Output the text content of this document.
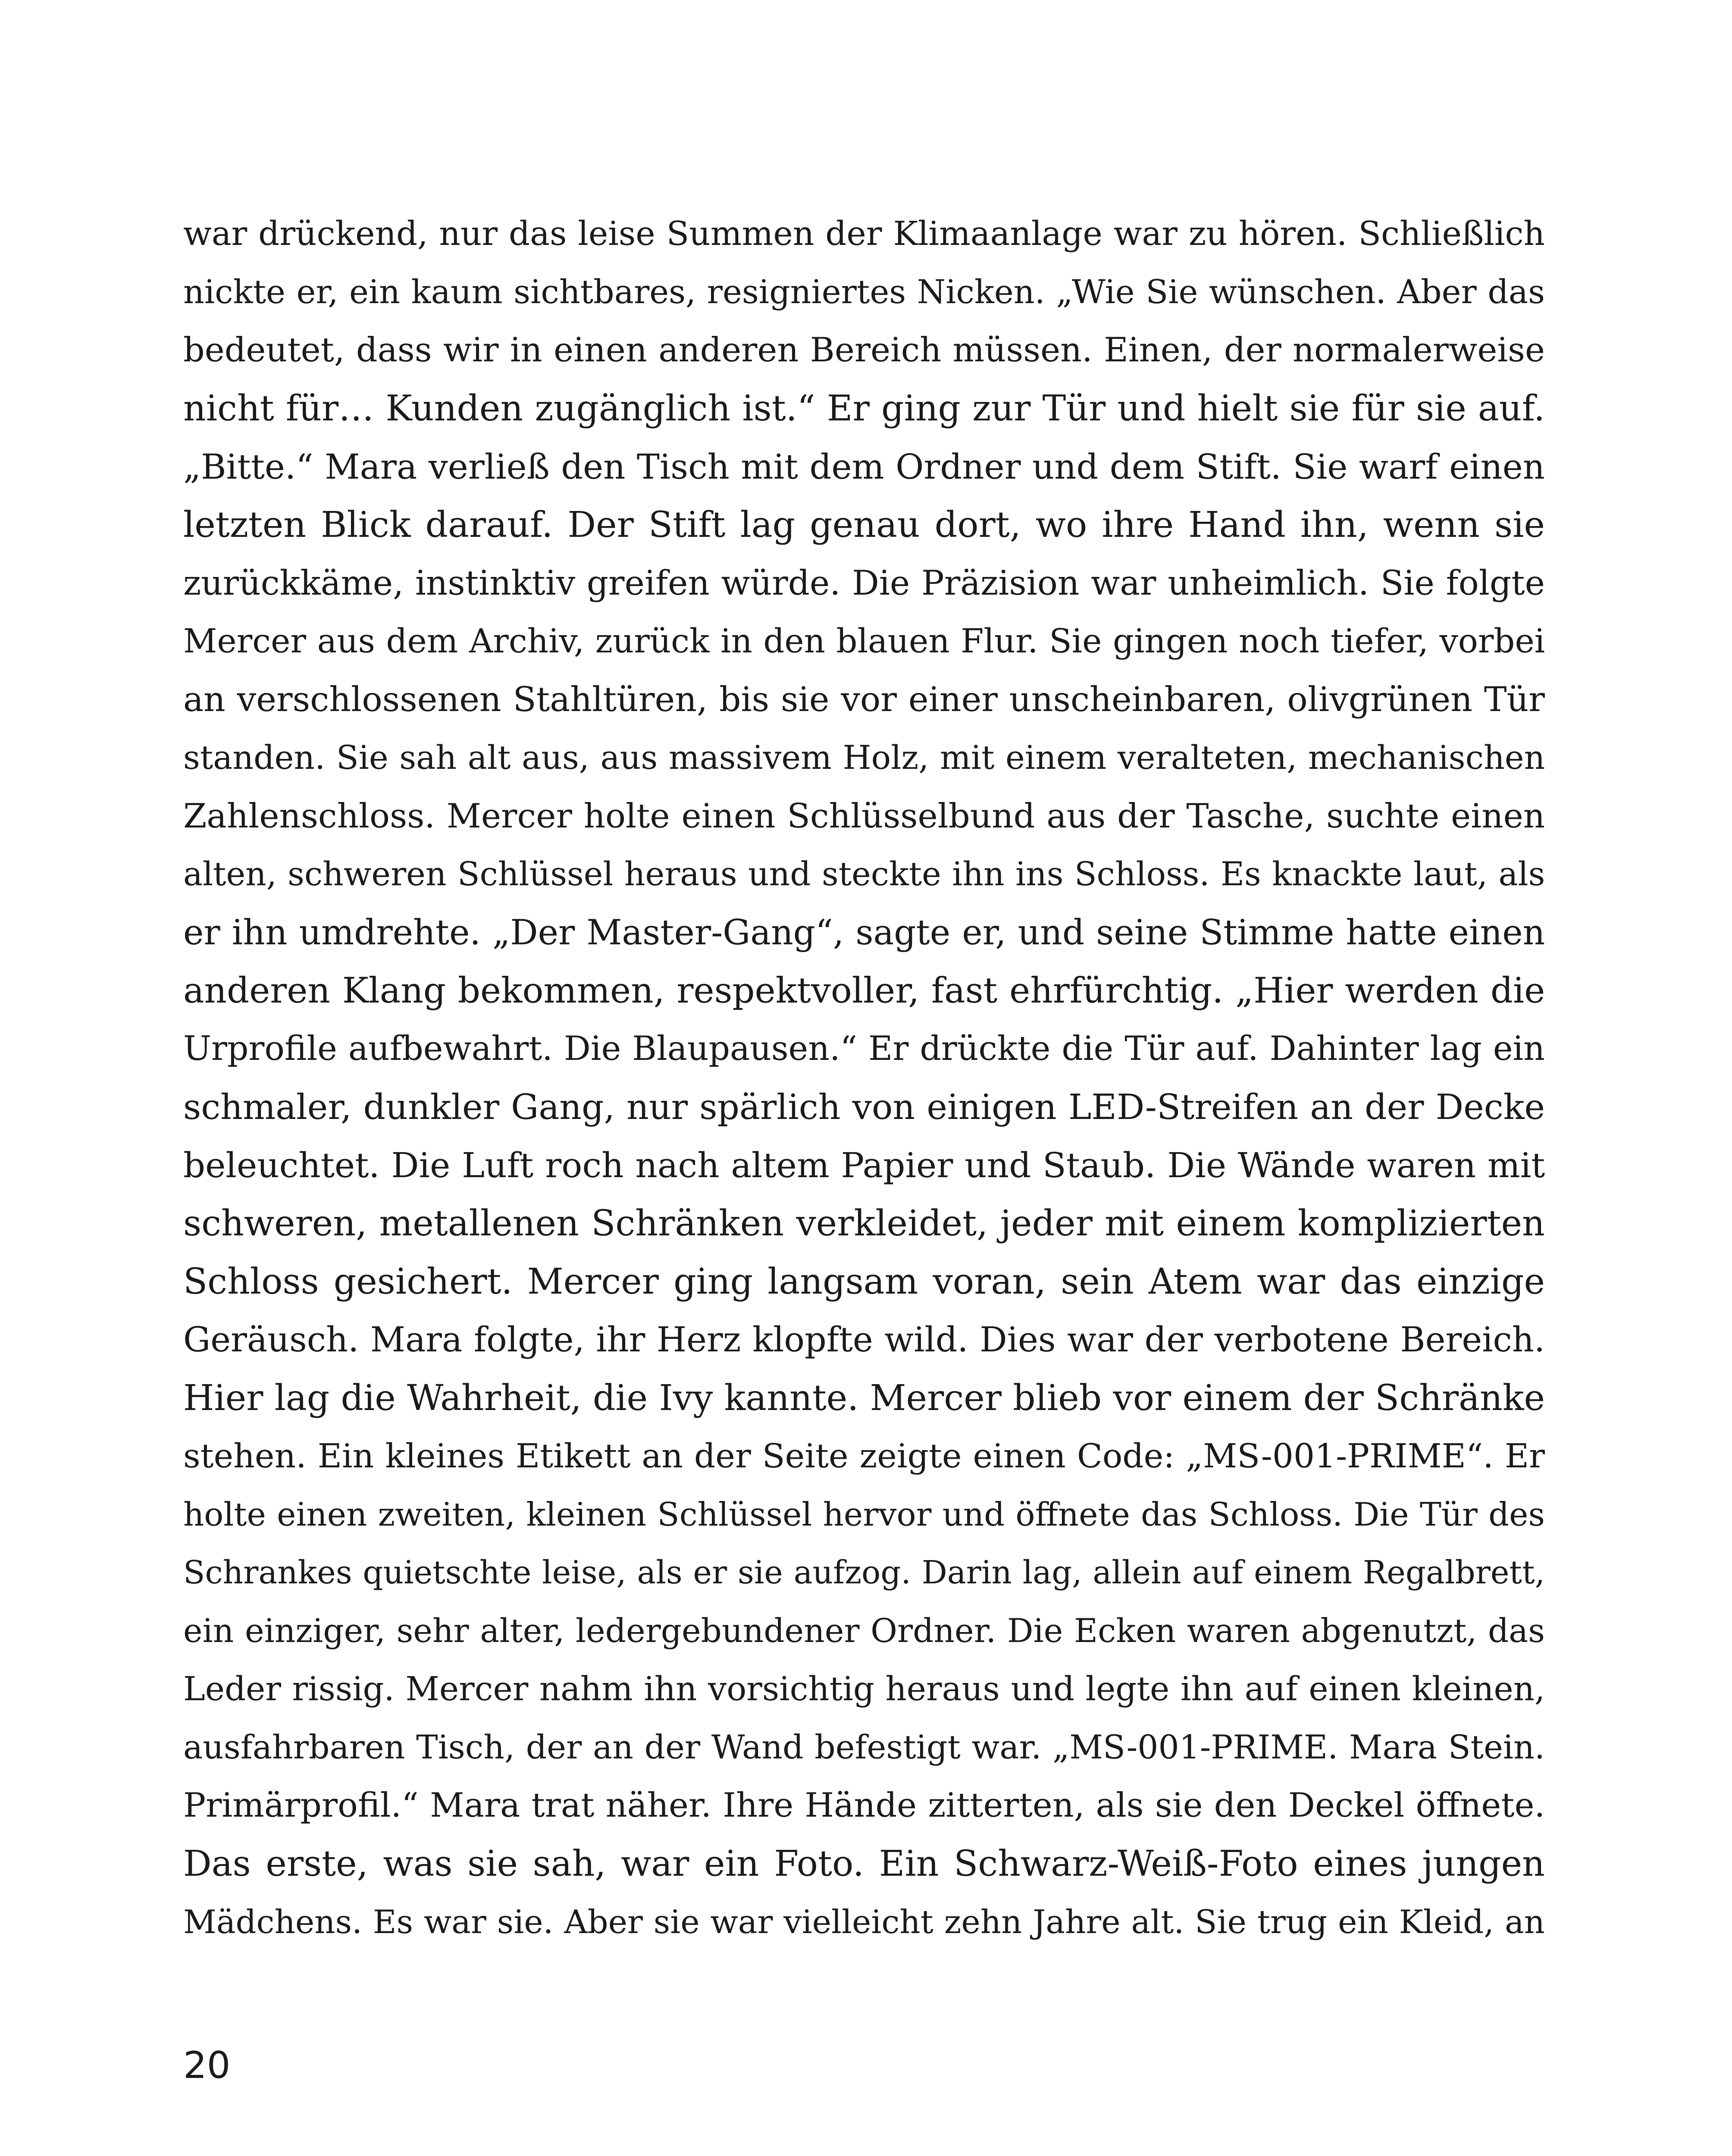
war drückend, nur das leise Summen der Klimaanlage war zu hören. Schließlich
nickte er, ein kaum sichtbares, resigniertes Nicken. „Wie Sie wünschen. Aber das
bedeutet, dass wir in einen anderen Bereich müssen. Einen, der normalerweise
nicht für… Kunden zugänglich ist.“ Er ging zur Tür und hielt sie für sie auf.
„Bitte.“ Mara verließ den Tisch mit dem Ordner und dem Stift. Sie warf einen
letzten Blick darauf. Der Stift lag genau dort, wo ihre Hand ihn, wenn sie
zurückkäme, instinktiv greifen würde. Die Präzision war unheimlich. Sie folgte
Mercer aus dem Archiv, zurück in den blauen Flur. Sie gingen noch tiefer, vorbei
an verschlossenen Stahltüren, bis sie vor einer unscheinbaren, olivgrünen Tür
standen. Sie sah alt aus, aus massivem Holz, mit einem veralteten, mechanischen
Zahlenschloss. Mercer holte einen Schlüsselbund aus der Tasche, suchte einen
alten, schweren Schlüssel heraus und steckte ihn ins Schloss. Es knackte laut, als
er ihn umdrehte. „Der Master-Gang“, sagte er, und seine Stimme hatte einen
anderen Klang bekommen, respektvoller, fast ehrfürchtig. „Hier werden die
Urprofile aufbewahrt. Die Blaupausen.“ Er drückte die Tür auf. Dahinter lag ein
schmaler, dunkler Gang, nur spärlich von einigen LED-Streifen an der Decke
beleuchtet. Die Luft roch nach altem Papier und Staub. Die Wände waren mit
schweren, metallenen Schränken verkleidet, jeder mit einem komplizierten
Schloss gesichert. Mercer ging langsam voran, sein Atem war das einzige
Geräusch. Mara folgte, ihr Herz klopfte wild. Dies war der verbotene Bereich.
Hier lag die Wahrheit, die Ivy kannte. Mercer blieb vor einem der Schränke
stehen. Ein kleines Etikett an der Seite zeigte einen Code: „MS-001-PRIME“. Er
holte einen zweiten, kleinen Schlüssel hervor und öffnete das Schloss. Die Tür des
Schrankes quietschte leise, als er sie aufzog. Darin lag, allein auf einem Regalbrett,
ein einziger, sehr alter, ledergebundener Ordner. Die Ecken waren abgenutzt, das
Leder rissig. Mercer nahm ihn vorsichtig heraus und legte ihn auf einen kleinen,
ausfahrbaren Tisch, der an der Wand befestigt war. „MS-001-PRIME. Mara Stein.
Primärprofil.“ Mara trat näher. Ihre Hände zitterten, als sie den Deckel öffnete.
Das erste, was sie sah, war ein Foto. Ein Schwarz-Weiß-Foto eines jungen
Mädchens. Es war sie. Aber sie war vielleicht zehn Jahre alt. Sie trug ein Kleid, an
20
